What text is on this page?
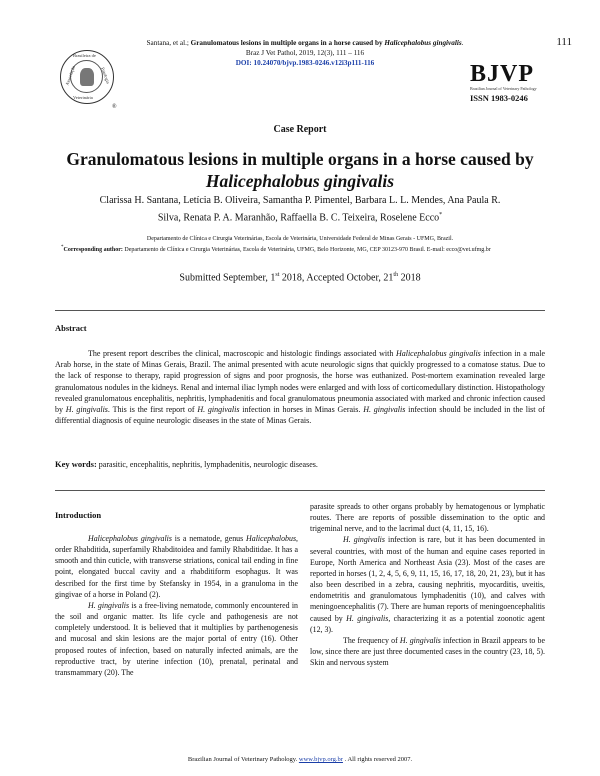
Santana, et al.; Granulomatous lesions in multiple organs in a horse caused by Halicephalobus gingivalis.
Braz J Vet Pathol, 2019, 12(3), 111 – 116
DOI: 10.24070/bjvp.1983-0246.v12i3p111-116
111
Brasileira de
Associação	Patologia
Veterinária
®
BJVP
Brazilian Journal of Veterinary Pathology
ISSN 1983-0246
Case Report
Granulomatous lesions in multiple organs in a horse caused by
Halicephalobus gingivalis
Clarissa H. Santana, Letícia B. Oliveira, Samantha P. Pimentel, Barbara L. L. Mendes, Ana Paula R.
Silva, Renata P. A. Maranhão, Raffaella B. C. Teixeira, Roselene Ecco*
Departamento de Clínica e Cirurgia Veterinárias, Escola de Veterinária, Universidade Federal de Minas Gerais - UFMG, Brazil.
*Corresponding author: Departamento de Clínica e Cirurgia Veterinárias, Escola de Veterinária, UFMG, Belo Horizonte, MG, CEP 30123-970 Brasil. E-mail: ecco@vet.ufmg.br
Submitted September, 1st 2018, Accepted October, 21th 2018
Abstract
The present report describes the clinical, macroscopic and histologic findings associated with Halicephalobus gingivalis infection in a male Arab horse, in the state of Minas Gerais, Brazil. The animal presented with acute neurologic signs that quickly progressed to a comatose status. Due to the lack of response to therapy, rapid progression of signs and poor prognosis, the horse was euthanized. Post-mortem examination revealed large granulomatous nodules in the kidneys. Renal and internal iliac lymph nodes were enlarged and with loss of corticomedullary distinction. Histopathology revealed granulomatous encephalitis, nephritis, lymphadenitis and focal granulomatous pneumonia associated with marked and chronic infection caused by H. gingivalis. This is the first report of H. gingivalis infection in horses in Minas Gerais. H. gingivalis infection should be included in the list of differential diagnosis of equine neurologic diseases in the state of Minas Gerais.
Key words: parasitic, encephalitis, nephritis, lymphadenitis, neurologic diseases.
Introduction

Halicephalobus gingivalis is a nematode, genus Halicephalobus, order Rhabditida, superfamily Rhabditoidea and family Rhabditidae. It has a smooth and thin cuticle, with transverse striations, conical tail ending in fine point, elongated buccal cavity and a rhabditiform esophagus. It was described for the first time by Stefansky in 1954, in a granuloma in the gingivae of a horse in Poland (2).

H. gingivalis is a free-living nematode, commonly encountered in the soil and organic matter. Its life cycle and pathogenesis are not completely understood. It is believed that it multiplies by parthenogenesis and mucosal and skin lesions are the major portal of entry (16). Other proposed routes of infection, based on naturally infected animals, are the reproductive tract, by uterine infection (10), prenatal, perinatal and transmammary (20). The

parasite spreads to other organs probably by hematogenous or lymphatic routes. There are reports of possible dissemination to the optic and trigeminal nerve, and to the lacrimal duct (4, 11, 15, 16).

H. gingivalis infection is rare, but it has been documented in several countries, with most of the human and equine cases reported in Europe, North America and Northeast Asia (23). Most of the cases are reported in horses (1, 2, 4, 5, 6, 9, 11, 15, 16, 17, 18, 20, 21, 23), but it has also been described in a zebra, causing nephritis, myocarditis, uveitis, endometritis and granulomatous lymphadenitis (10), and calves with meningoencephalitis (7). There are human reports of meningoencephalitis caused by H. gingivalis, characterizing it as a potential zoonotic agent (12, 3).

The frequency of H. gingivalis infection in Brazil appears to be low, since there are just three documented cases in the country (23, 18, 5). Skin and nervous system

Brazilian Journal of Veterinary Pathology. www.bjvp.org.br . All rights reserved 2007.
